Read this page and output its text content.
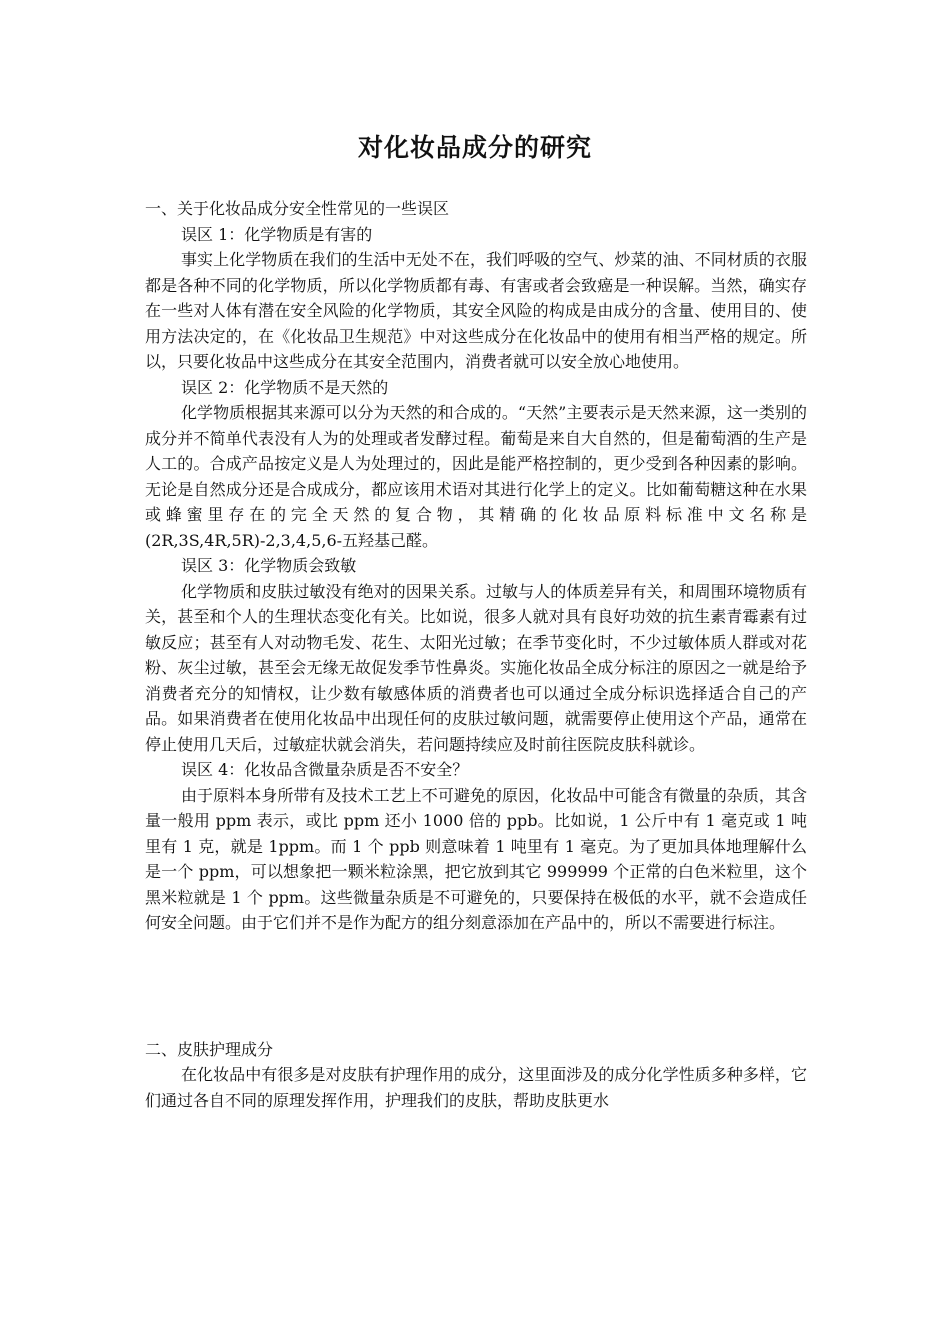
对化妆品成分的研究

一、关于化妆品成分安全性常见的一些误区

误区 1：化学物质是有害的

事实上化学物质在我们的生活中无处不在，我们呼吸的空气、炒菜的油、不同材质的衣服都是各种不同的化学物质，所以化学物质都有毒、有害或者会致癌是一种误解。当然，确实存在一些对人体有潜在安全风险的化学物质，其安全风险的构成是由成分的含量、使用目的、使用方法决定的，在《化妆品卫生规范》中对这些成分在化妆品中的使用有相当严格的规定。所以，只要化妆品中这些成分在其安全范围内，消费者就可以安全放心地使用。

误区 2：化学物质不是天然的

化学物质根据其来源可以分为天然的和合成的。“天然”主要表示是天然来源，这一类别的成分并不简单代表没有人为的处理或者发酵过程。葡萄是来自大自然的，但是葡萄酒的生产是人工的。合成产品按定义是人为处理过的，因此是能严格控制的，更少受到各种因素的影响。无论是自然成分还是合成成分，都应该用术语对其进行化学上的定义。比如葡萄糖这种在水果或蜂蜜里存在的完全天然的复合物，其精确的化妆品原料标准中文名称是 (2R,3S,4R,5R)-2,3,4,5,6-五羟基己醛。

误区 3：化学物质会致敏

化学物质和皮肤过敏没有绝对的因果关系。过敏与人的体质差异有关，和周围环境物质有关，甚至和个人的生理状态变化有关。比如说，很多人就对具有良好功效的抗生素青霉素有过敏反应；甚至有人对动物毛发、花生、太阳光过敏；在季节变化时，不少过敏体质人群或对花粉、灰尘过敏，甚至会无缘无故促发季节性鼻炎。实施化妆品全成分标注的原因之一就是给予消费者充分的知情权，让少数有敏感体质的消费者也可以通过全成分标识选择适合自己的产品。如果消费者在使用化妆品中出现任何的皮肤过敏问题，就需要停止使用这个产品，通常在停止使用几天后，过敏症状就会消失，若问题持续应及时前往医院皮肤科就诊。

误区 4：化妆品含微量杂质是否不安全？

由于原料本身所带有及技术工艺上不可避免的原因，化妆品中可能含有微量的杂质，其含量一般用 ppm 表示，或比 ppm 还小 1000 倍的 ppb。比如说，1 公斤中有 1 毫克或 1 吨里有 1 克，就是 1ppm。而 1 个 ppb 则意味着 1 吨里有 1 毫克。为了更加具体地理解什么是一个 ppm，可以想象把一颗米粒涂黑，把它放到其它 999999 个正常的白色米粒里，这个黑米粒就是 1 个 ppm。这些微量杂质是不可避免的，只要保持在极低的水平，就不会造成任何安全问题。由于它们并不是作为配方的组分刻意添加在产品中的，所以不需要进行标注。

二、皮肤护理成分

在化妆品中有很多是对皮肤有护理作用的成分，这里面涉及的成分化学性质多种多样，它们通过各自不同的原理发挥作用，护理我们的皮肤，帮助皮肤更水
